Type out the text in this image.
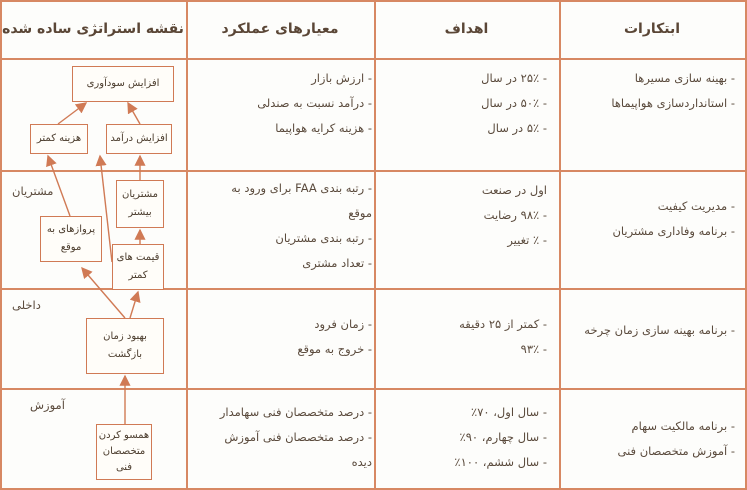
ابتکارات
اهداف
معیارهای عملکرد
نقشه استراتژی ساده شده
- بهینه سازی مسیرها
- استانداردسازی هواپیماها
- ۲۵٪ در سال
- ۵۰٪ در سال
- ۵٪ در سال
- ارزش بازار
- درآمد نسبت به صندلی
- هزینه کرایه هواپیما
- مدیریت کیفیت
- برنامه وفاداری مشتریان
اول در صنعت
- ۹۸٪ رضایت
- ٪ تغییر
- رتبه بندی FAA برای ورود به
موقع
- رتبه بندی مشتریان
- تعداد مشتری
- برنامه بهینه سازی زمان چرخه
- کمتر از ۲۵ دقیقه
- ۹۳٪
- زمان فرود
- خروج به موقع
- برنامه مالکیت سهام
- آموزش متخصصان فنی
- سال اول، ۷۰٪
- سال چهارم، ۹۰٪
- سال ششم، ۱۰۰٪
- درصد متخصصان فنی سهامدار
- درصد متخصصان فنی آموزش
دیده
مشتریان
داخلی
آموزش
افزایش سودآوری
هزینه کمتر	افزایش درآمد
مشتریان
بیشتر
پروازهای به
موقع
قیمت های
کمتر
بهبود زمان
بازگشت
همسو کردن
متخصصان
فنی
